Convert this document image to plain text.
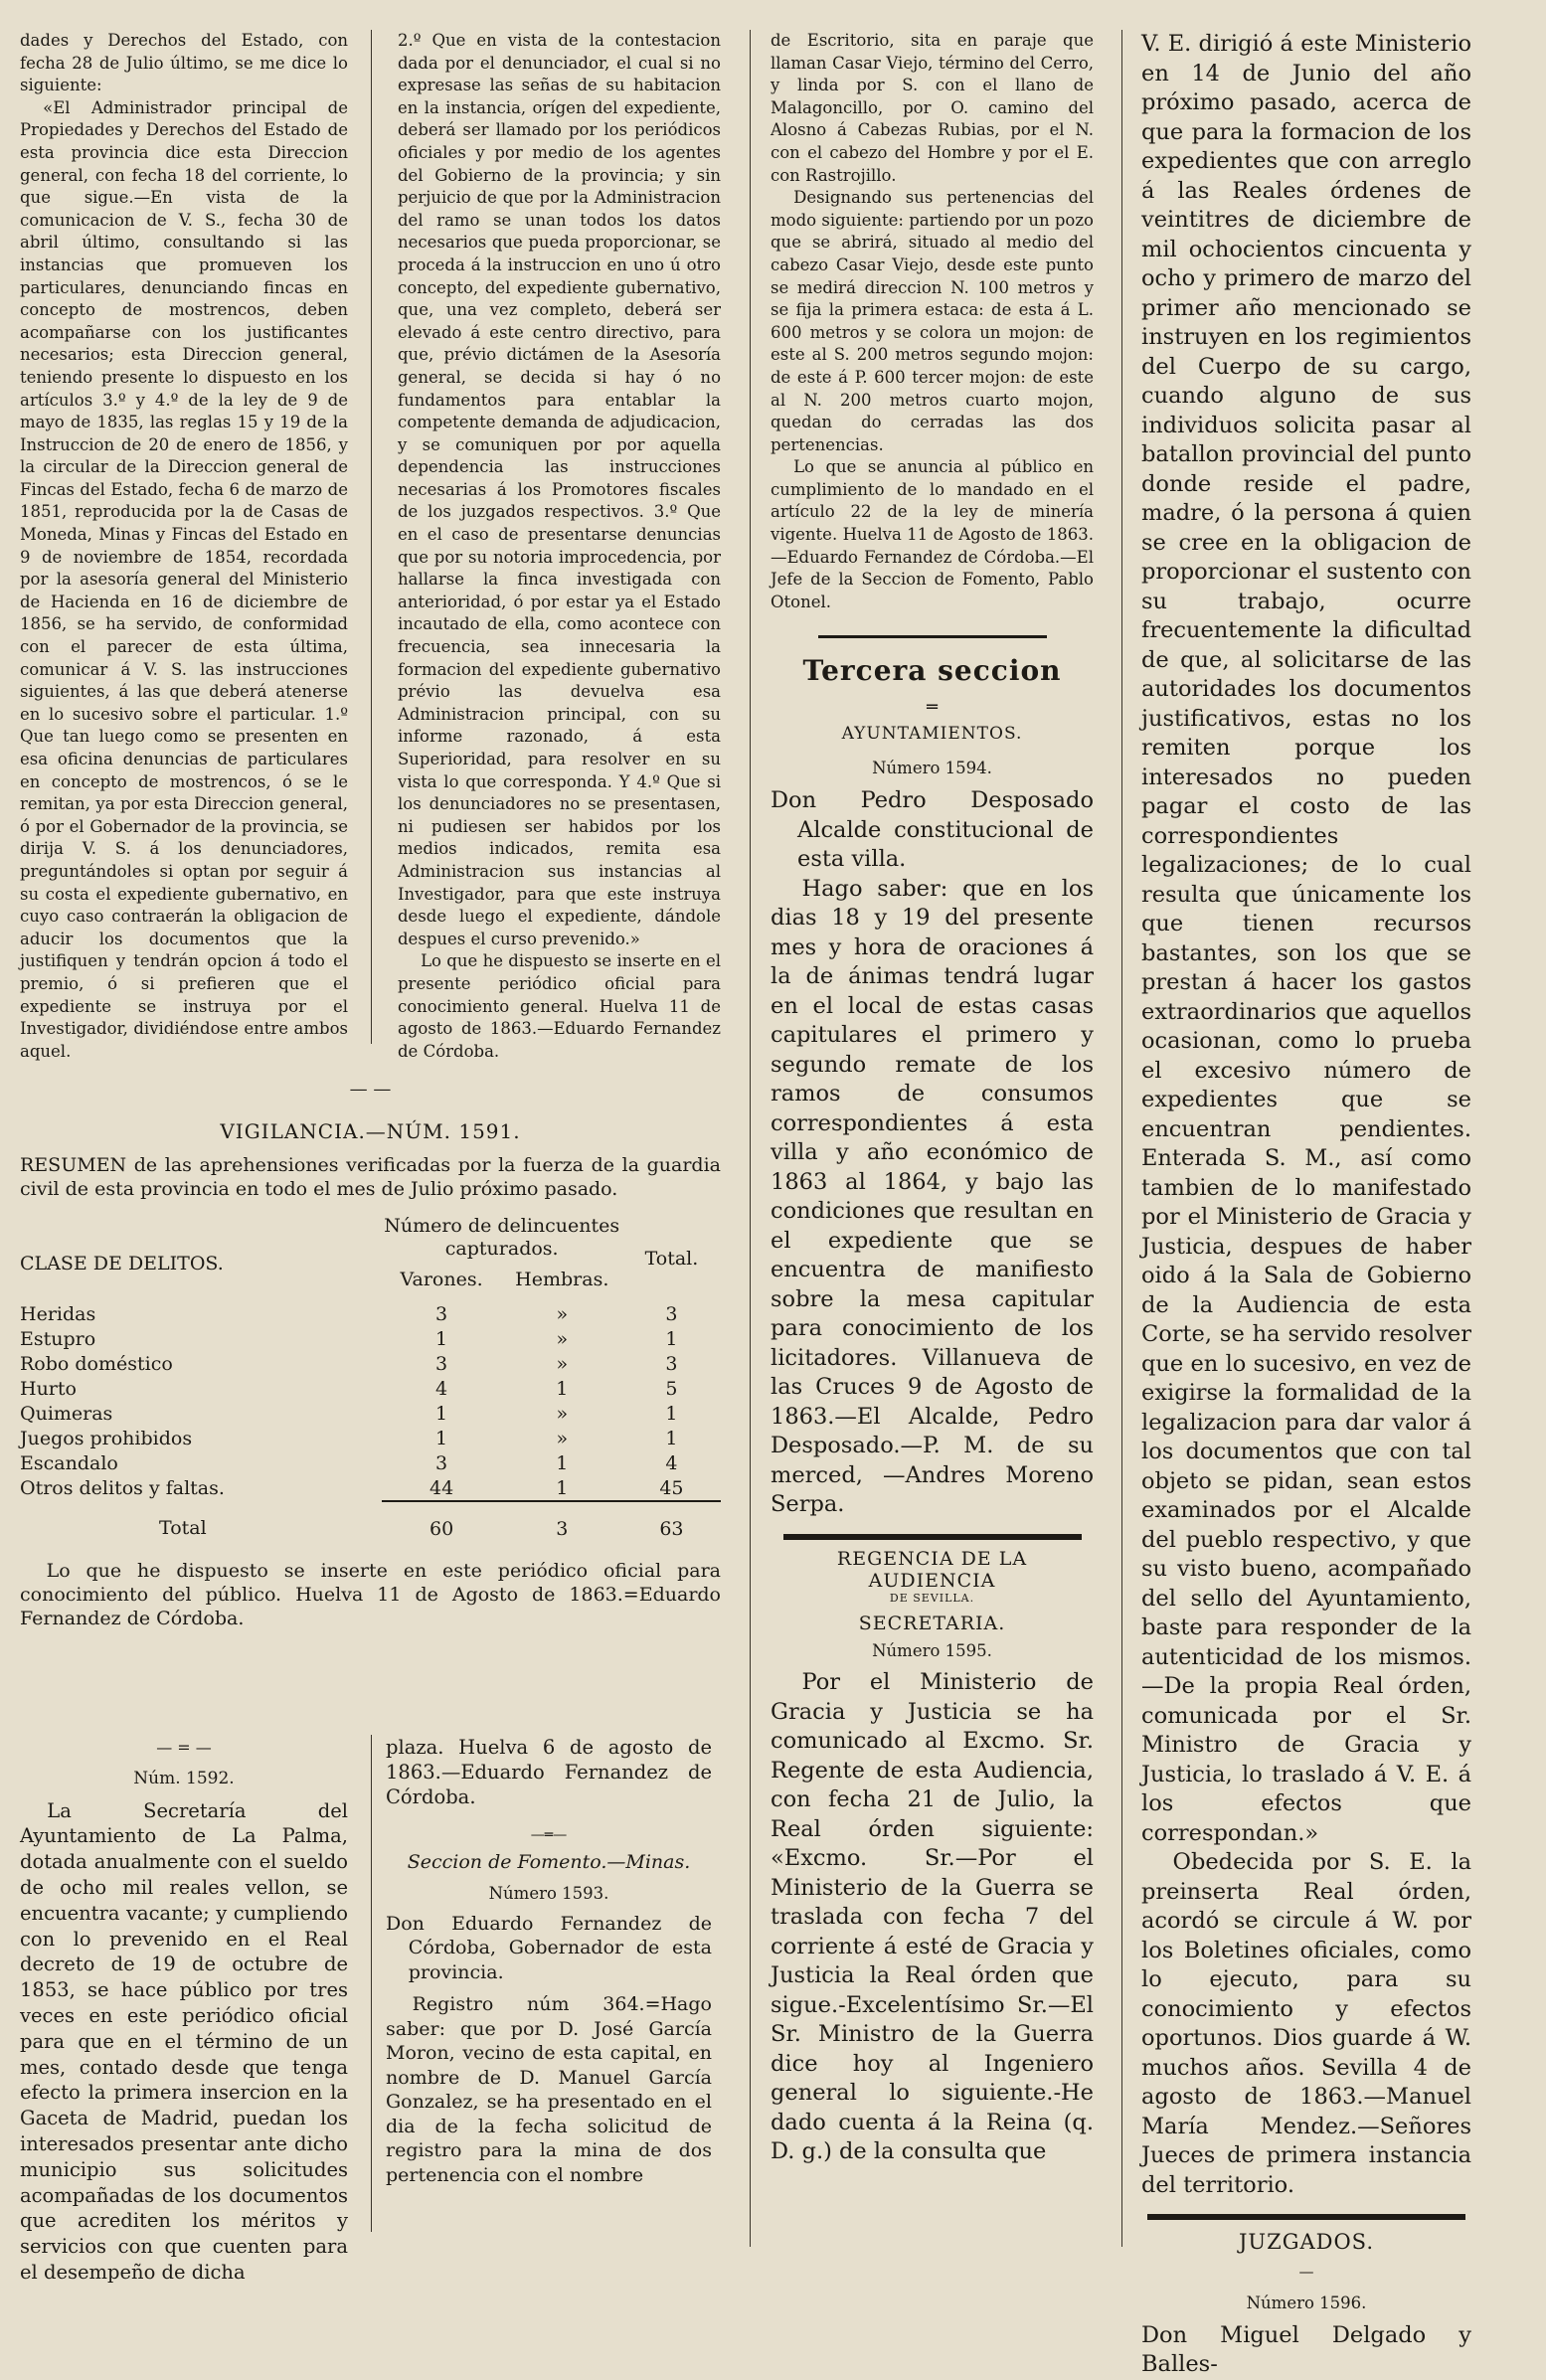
dades y Derechos del Estado, con fecha 28 de Julio último, se me dice lo siguiente:

«El Administrador principal de Propiedades y Derechos del Estado de esta provincia dice esta Direccion general, con fecha 18 del corriente, lo que sigue.—En vista de la comunicacion de V. S., fecha 30 de abril último, consultando si las instancias que promueven los particulares, denunciando fincas en concepto de mostrencos, deben acompañarse con los justificantes necesarios; esta Direccion general, teniendo presente lo dispuesto en los artículos 3.º y 4.º de la ley de 9 de mayo de 1835, las reglas 15 y 19 de la Instruccion de 20 de enero de 1856, y la circular de la Direccion general de Fincas del Estado, fecha 6 de marzo de 1851, reproducida por la de Casas de Moneda, Minas y Fincas del Estado en 9 de noviembre de 1854, recordada por la asesoría general del Ministerio de Hacienda en 16 de diciembre de 1856, se ha servido, de conformidad con el parecer de esta última, comunicar á V. S. las instrucciones siguientes, á las que deberá atenerse en lo sucesivo sobre el particular. 1.º Que tan luego como se presenten en esa oficina denuncias de particulares en concepto de mostrencos, ó se le remitan, ya por esta Direccion general, ó por el Gobernador de la provincia, se dirija V. S. á los denunciadores, preguntándoles si optan por seguir á su costa el expediente gubernativo, en cuyo caso contraerán la obligacion de aducir los documentos que la justifiquen y tendrán opcion á todo el premio, ó si prefieren que el expediente se instruya por el Investigador, dividiéndose entre ambos aquel.

2.º Que en vista de la contestacion dada por el denunciador, el cual si no expresase las señas de su habitacion en la instancia, orígen del expediente, deberá ser llamado por los periódicos oficiales y por medio de los agentes del Gobierno de la provincia; y sin perjuicio de que por la Administracion del ramo se unan todos los datos necesarios que pueda proporcionar, se proceda á la instruccion en uno ú otro concepto, del expediente gubernativo, que, una vez completo, deberá ser elevado á este centro directivo, para que, prévio dictámen de la Asesoría general, se decida si hay ó no fundamentos para entablar la competente demanda de adjudicacion, y se comuniquen por por aquella dependencia las instrucciones necesarias á los Promotores fiscales de los juzgados respectivos. 3.º Que en el caso de presentarse denuncias que por su notoria improcedencia, por hallarse la finca investigada con anterioridad, ó por estar ya el Estado incautado de ella, como acontece con frecuencia, sea innecesaria la formacion del expediente gubernativo prévio las devuelva esa Administracion principal, con su informe razonado, á esta Superioridad, para resolver en su vista lo que corresponda. Y 4.º Que si los denunciadores no se presentasen, ni pudiesen ser habidos por los medios indicados, remita esa Administracion sus instancias al Investigador, para que este instruya desde luego el expediente, dándole despues el curso prevenido.»

Lo que he dispuesto se inserte en el presente periódico oficial para conocimiento general. Huelva 11 de agosto de 1863.—Eduardo Fernandez de Córdoba.

de Escritorio, sita en paraje que llaman Casar Viejo, término del Cerro, y linda por S. con el llano de Malagoncillo, por O. camino del Alosno á Cabezas Rubias, por el N. con el cabezo del Hombre y por el E. con Rastrojillo.

Designando sus pertenencias del modo siguiente: partiendo por un pozo que se abrirá, situado al medio del cabezo Casar Viejo, desde este punto se medirá direccion N. 100 metros y se fija la primera estaca: de esta á L. 600 metros y se colora un mojon: de este al S. 200 metros segundo mojon: de este á P. 600 tercer mojon: de este al N. 200 metros cuarto mojon, quedan do cerradas las dos pertenencias.

Lo que se anuncia al público en cumplimiento de lo mandado en el artículo 22 de la ley de minería vigente. Huelva 11 de Agosto de 1863.—Eduardo Fernandez de Córdoba.—El Jefe de la Seccion de Fomento, Pablo Otonel.

Tercera seccion
═
AYUNTAMIENTOS.
Número 1594.

Don Pedro Desposado Alcalde constitucional de esta villa.

Hago saber: que en los dias 18 y 19 del presente mes y hora de oraciones á la de ánimas tendrá lugar en el local de estas casas capitulares el primero y segundo remate de los ramos de consumos correspondientes á esta villa y año económico de 1863 al 1864, y bajo las condiciones que resultan en el expediente que se encuentra de manifiesto sobre la mesa capitular para conocimiento de los licitadores. Villanueva de las Cruces 9 de Agosto de 1863.—El Alcalde, Pedro Desposado.—P. M. de su merced, —Andres Moreno Serpa.

REGENCIA DE LA AUDIENCIA
DE SEVILLA.
SECRETARIA.
Número 1595.

Por el Ministerio de Gracia y Justicia se ha comunicado al Excmo. Sr. Regente de esta Audiencia, con fecha 21 de Julio, la Real órden siguiente: «Excmo. Sr.—Por el Ministerio de la Guerra se traslada con fecha 7 del corriente á esté de Gracia y Justicia la Real órden que sigue.-Excelentísimo Sr.—El Sr. Ministro de la Guerra dice hoy al Ingeniero general lo siguiente.-He dado cuenta á la Reina (q. D. g.) de la consulta que

V. E. dirigió á este Ministerio en 14 de Junio del año próximo pasado, acerca de que para la formacion de los expedientes que con arreglo á las Reales órdenes de veintitres de diciembre de mil ochocientos cincuenta y ocho y primero de marzo del primer año mencionado se instruyen en los regimientos del Cuerpo de su cargo, cuando alguno de sus individuos solicita pasar al batallon provincial del punto donde reside el padre, madre, ó la persona á quien se cree en la obligacion de proporcionar el sustento con su trabajo, ocurre frecuentemente la dificultad de que, al solicitarse de las autoridades los documentos justificativos, estas no los remiten porque los interesados no pueden pagar el costo de las correspondientes legalizaciones; de lo cual resulta que únicamente los que tienen recursos bastantes, son los que se prestan á hacer los gastos extraordinarios que aquellos ocasionan, como lo prueba el excesivo número de expedientes que se encuentran pendientes. Enterada S. M., así como tambien de lo manifestado por el Ministerio de Gracia y Justicia, despues de haber oido á la Sala de Gobierno de la Audiencia de esta Corte, se ha servido resolver que en lo sucesivo, en vez de exigirse la formalidad de la legalizacion para dar valor á los documentos que con tal objeto se pidan, sean estos examinados por el Alcalde del pueblo respectivo, y que su visto bueno, acompañado del sello del Ayuntamiento, baste para responder de la autenticidad de los mismos.—De la propia Real órden, comunicada por el Sr. Ministro de Gracia y Justicia, lo traslado á V. E. á los efectos que correspondan.»

Obedecida por S. E. la preinserta Real órden, acordó se circule á W. por los Boletines oficiales, como lo ejecuto, para su conocimiento y efectos oportunos. Dios guarde á W. muchos años. Sevilla 4 de agosto de 1863.—Manuel María Mendez.—Señores Jueces de primera instancia del territorio.

JUZGADOS.
—
Número 1596.

Don Miguel Delgado y Balles-

— —
VIGILANCIA.—NÚM. 1591.

RESUMEN de las aprehensiones verificadas por la fuerza de la guardia civil de esta provincia en todo el mes de Julio próximo pasado.

CLASE DE DELITOS.	Número de delincuentes capturados.		Total.
	Varones.	Hembras.	
Heridas	3	»	3
Estupro	1	»	1
Robo doméstico	3	»	3
Hurto	4	1	5
Quimeras	1	»	1
Juegos prohibidos	1	»	1
Escandalo	3	1	4
Otros delitos y faltas.	44	1	45
Total	60	3	63

Lo que he dispuesto se inserte en este periódico oficial para conocimiento del público. Huelva 11 de Agosto de 1863.=Eduardo Fernandez de Córdoba.

— = —
Núm. 1592.

La Secretaría del Ayuntamiento de La Palma, dotada anualmente con el sueldo de ocho mil reales vellon, se encuentra vacante; y cumpliendo con lo prevenido en el Real decreto de 19 de octubre de 1853, se hace público por tres veces en este periódico oficial para que en el término de un mes, contado desde que tenga efecto la primera insercion en la Gaceta de Madrid, puedan los interesados presentar ante dicho municipio sus solicitudes acompañadas de los documentos que acrediten los méritos y servicios con que cuenten para el desempeño de dicha

plaza. Huelva 6 de agosto de 1863.—Eduardo Fernandez de Córdoba.

—═—
Seccion de Fomento.—Minas.
Número 1593.

Don Eduardo Fernandez de Córdoba, Gobernador de esta provincia.

Registro núm 364.=Hago saber: que por D. José García Moron, vecino de esta capital, en nombre de D. Manuel García Gonzalez, se ha presentado en el dia de la fecha solicitud de registro para la mina de dos pertenencia con el nombre
